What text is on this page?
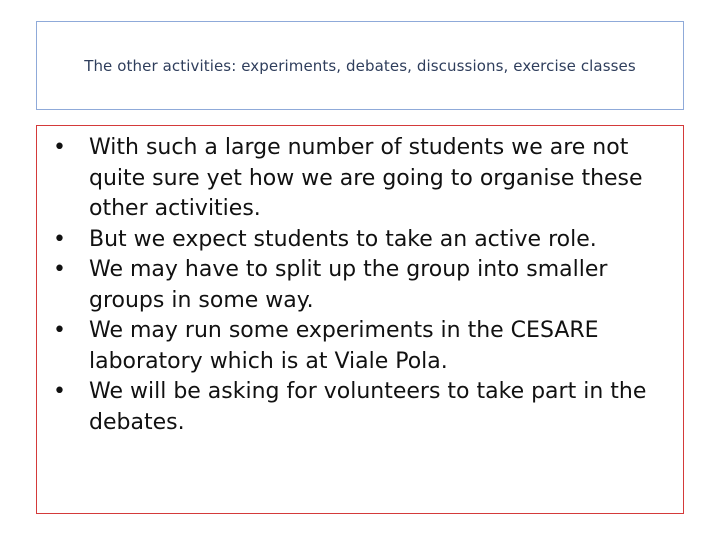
The other activities: experiments, debates, discussions, exercise classes
• With such a large number of students we are not quite sure yet how we are going to organise these other activities.
• But we expect students to take an active role.
• We may have to split up the group into smaller groups in some way.
• We may run some experiments in the CESARE laboratory which is at Viale Pola.
• We will be asking for volunteers to take part in the debates.
